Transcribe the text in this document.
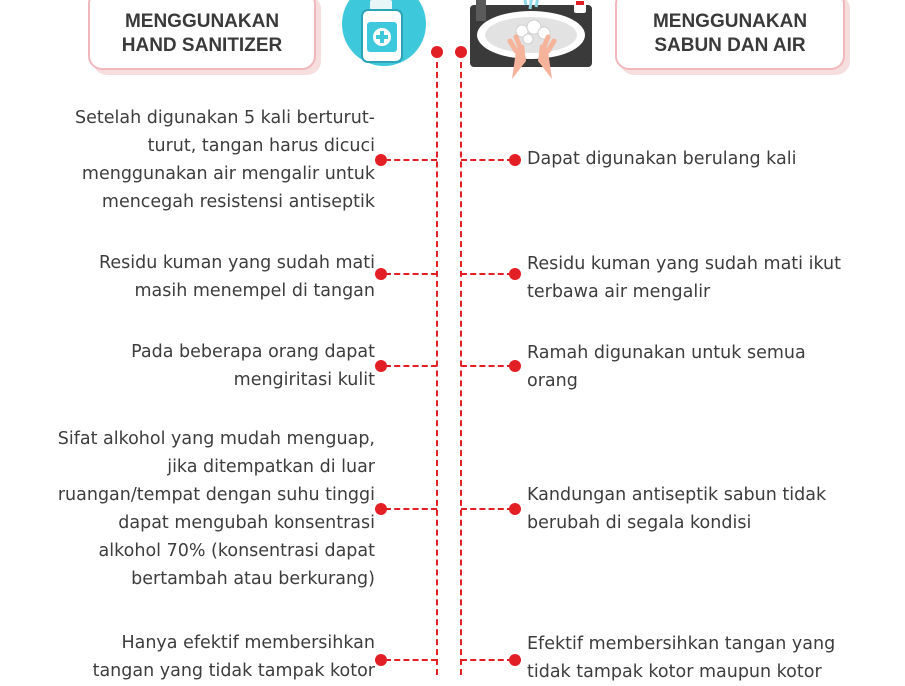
MENGGUNAKAN
HAND SANITIZER
MENGGUNAKAN
SABUN DAN AIR

Setelah digunakan 5 kali berturut-
turut, tangan harus dicuci
menggunakan air mengalir untuk
mencegah resistensi antiseptik

Dapat digunakan berulang kali

Residu kuman yang sudah mati
masih menempel di tangan

Residu kuman yang sudah mati ikut
terbawa air mengalir

Pada beberapa orang dapat
mengiritasi kulit

Ramah digunakan untuk semua
orang

Sifat alkohol yang mudah menguap,
jika ditempatkan di luar
ruangan/tempat dengan suhu tinggi
dapat mengubah konsentrasi
alkohol 70% (konsentrasi dapat
bertambah atau berkurang)

Kandungan antiseptik sabun tidak
berubah di segala kondisi

Hanya efektif membersihkan
tangan yang tidak tampak kotor

Efektif membersihkan tangan yang
tidak tampak kotor maupun kotor
